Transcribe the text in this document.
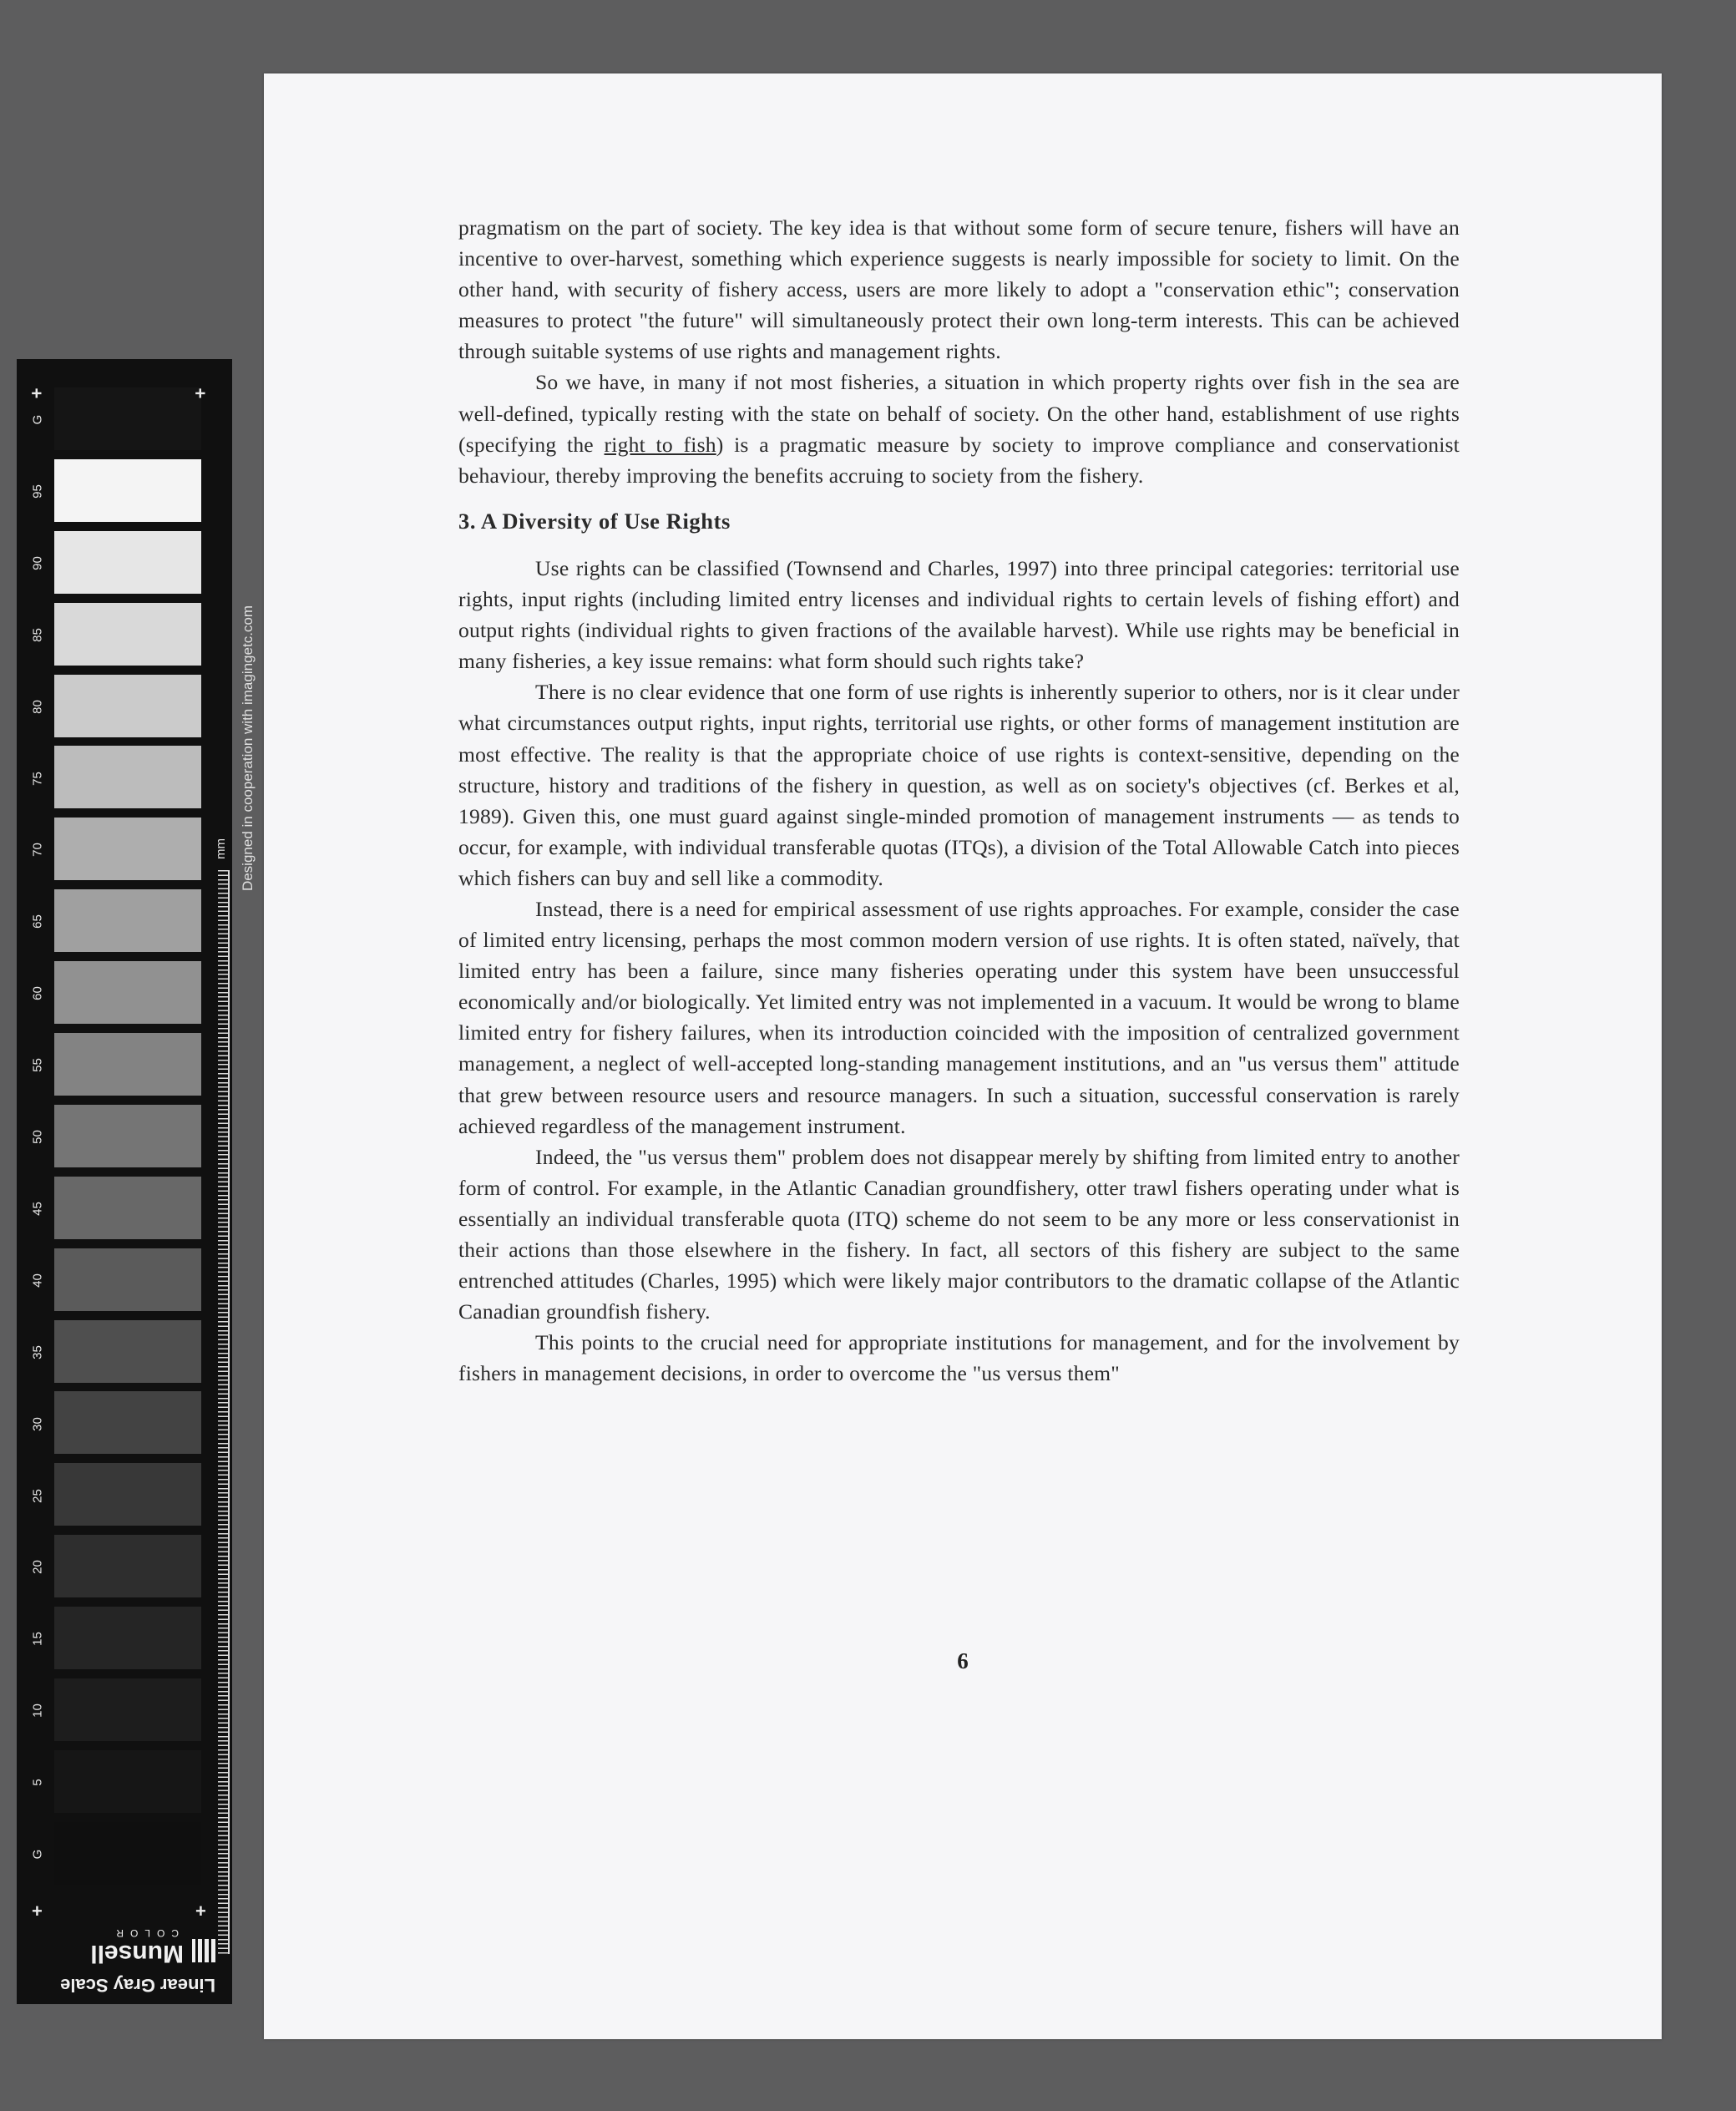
G
95
90
85
80
75
70
65
60
55
50
45
40
35
30
25
20
15
10
5
G
+	+
+	+
Designed in cooperation with imagingetc.com
mm
Linear Gray Scale
Munsell
COLOR

pragmatism on the part of society. The key idea is that without some form of secure tenure, fishers will have an incentive to over-harvest, something which experience suggests is nearly impossible for society to limit. On the other hand, with security of fishery access, users are more likely to adopt a "conservation ethic"; conservation measures to protect "the future" will simultaneously protect their own long-term interests. This can be achieved through suitable systems of use rights and management rights.

So we have, in many if not most fisheries, a situation in which property rights over fish in the sea are well-defined, typically resting with the state on behalf of society. On the other hand, establishment of use rights (specifying the right to fish) is a pragmatic measure by society to improve compliance and conservationist behaviour, thereby improving the benefits accruing to society from the fishery.

3. A Diversity of Use Rights

Use rights can be classified (Townsend and Charles, 1997) into three principal categories: territorial use rights, input rights (including limited entry licenses and individual rights to certain levels of fishing effort) and output rights (individual rights to given fractions of the available harvest). While use rights may be beneficial in many fisheries, a key issue remains: what form should such rights take?

There is no clear evidence that one form of use rights is inherently superior to others, nor is it clear under what circumstances output rights, input rights, territorial use rights, or other forms of management institution are most effective. The reality is that the appropriate choice of use rights is context-sensitive, depending on the structure, history and traditions of the fishery in question, as well as on society's objectives (cf. Berkes et al, 1989). Given this, one must guard against single-minded promotion of management instruments — as tends to occur, for example, with individual transferable quotas (ITQs), a division of the Total Allowable Catch into pieces which fishers can buy and sell like a commodity.

Instead, there is a need for empirical assessment of use rights approaches. For example, consider the case of limited entry licensing, perhaps the most common modern version of use rights. It is often stated, naïvely, that limited entry has been a failure, since many fisheries operating under this system have been unsuccessful economically and/or biologically. Yet limited entry was not implemented in a vacuum. It would be wrong to blame limited entry for fishery failures, when its introduction coincided with the imposition of centralized government management, a neglect of well-accepted long-standing management institutions, and an "us versus them" attitude that grew between resource users and resource managers. In such a situation, successful conservation is rarely achieved regardless of the management instrument.

Indeed, the "us versus them" problem does not disappear merely by shifting from limited entry to another form of control. For example, in the Atlantic Canadian groundfishery, otter trawl fishers operating under what is essentially an individual transferable quota (ITQ) scheme do not seem to be any more or less conservationist in their actions than those elsewhere in the fishery. In fact, all sectors of this fishery are subject to the same entrenched attitudes (Charles, 1995) which were likely major contributors to the dramatic collapse of the Atlantic Canadian groundfish fishery.

This points to the crucial need for appropriate institutions for management, and for the involvement by fishers in management decisions, in order to overcome the "us versus them"

6
